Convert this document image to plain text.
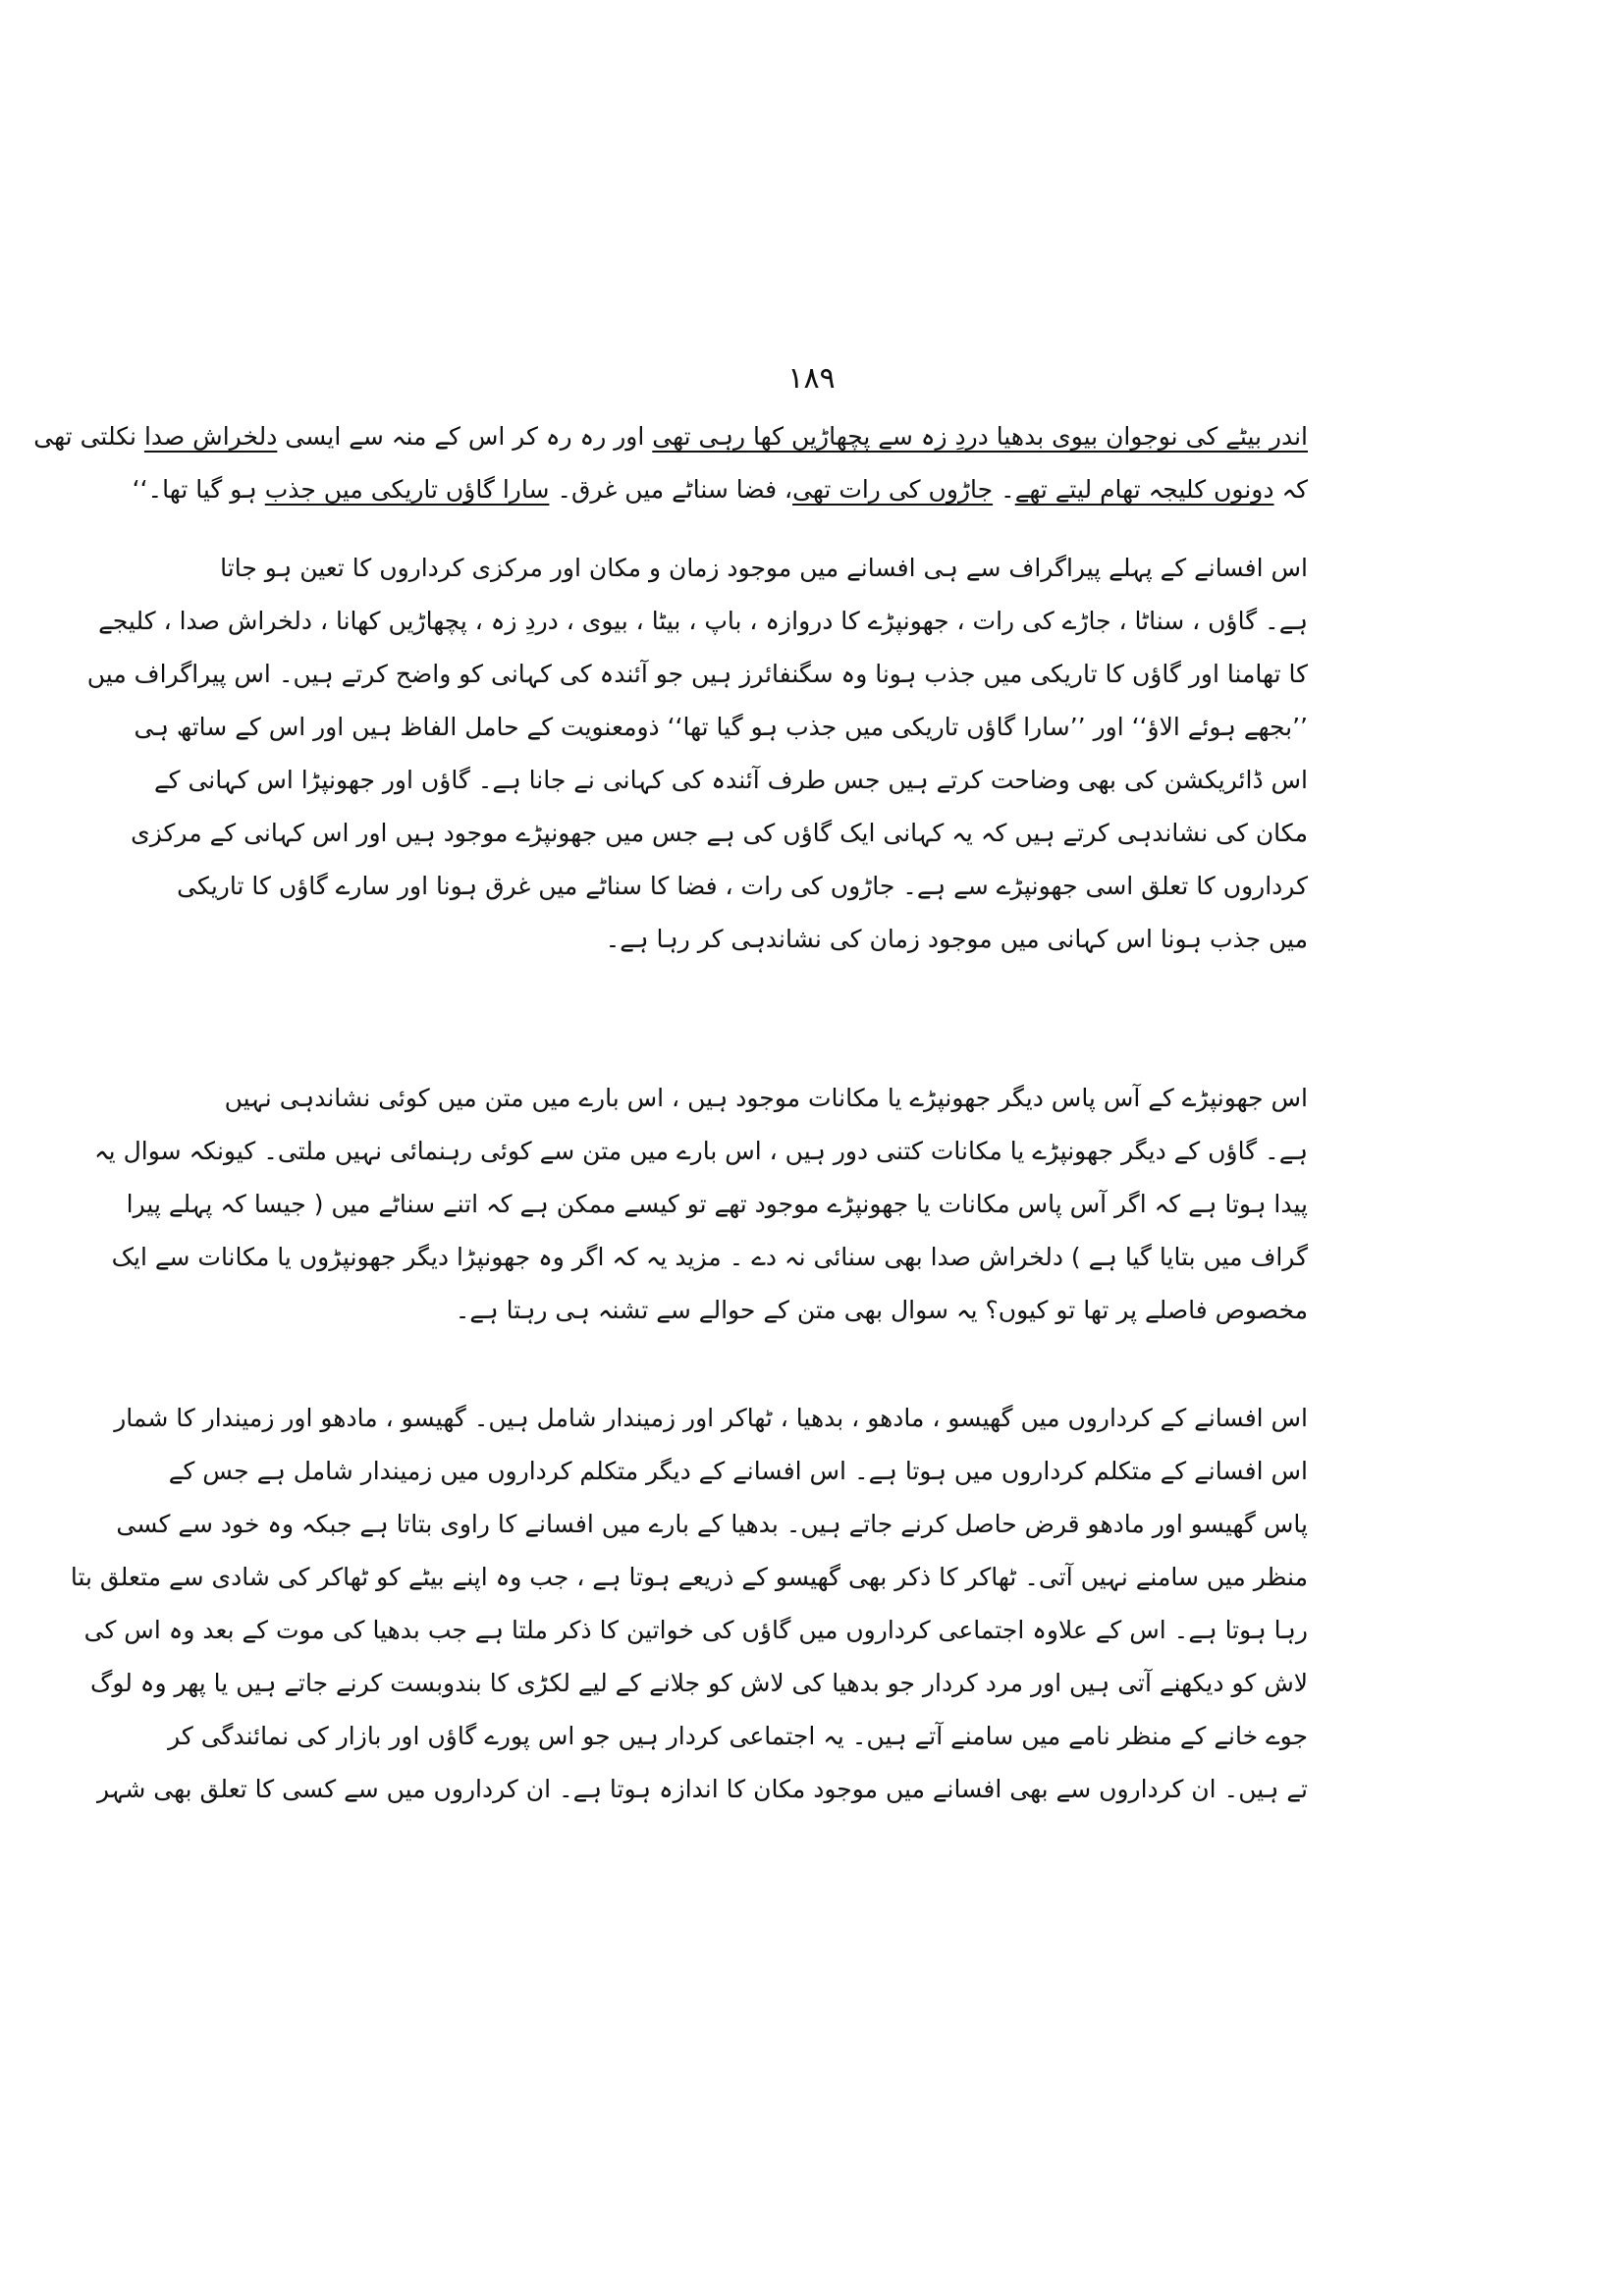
۱۸۹
اندر بیٹے کی نوجوان بیوی بدھیا دردِ زہ سے پچھاڑیں کھا رہی تھی اور رہ رہ کر اس کے منہ سے ایسی دلخراش صدا نکلتی تھی
کہ دونوں کلیجہ تھام لیتے تھے۔ جاڑوں کی رات تھی، فضا سناٹے میں غرق۔ سارا گاؤں تاریکی میں جذب ہو گیا تھا۔‘‘
اس افسانے کے پہلے پیراگراف سے ہی افسانے میں موجود زمان و مکان اور مرکزی کرداروں کا تعین ہو جاتا
ہے۔ گاؤں ، سناٹا ، جاڑے کی رات ، جھونپڑے کا دروازہ ، باپ ، بیٹا ، بیوی ، دردِ زہ ، پچھاڑیں کھانا ، دلخراش صدا ، کلیجے
کا تھامنا اور گاؤں کا تاریکی میں جذب ہونا وہ سگنفائرز ہیں جو آئندہ کی کہانی کو واضح کرتے ہیں۔ اس پیراگراف میں
’’بجھے ہوئے الاؤ‘‘ اور ’’سارا گاؤں تاریکی میں جذب ہو گیا تھا‘‘ ذومعنویت کے حامل الفاظ ہیں اور اس کے ساتھ ہی
اس ڈائریکشن کی بھی وضاحت کرتے ہیں جس طرف آئندہ کی کہانی نے جانا ہے۔ گاؤں اور جھونپڑا اس کہانی کے
مکان کی نشاندہی کرتے ہیں کہ یہ کہانی ایک گاؤں کی ہے جس میں جھونپڑے موجود ہیں اور اس کہانی کے مرکزی
کرداروں کا تعلق اسی جھونپڑے سے ہے۔ جاڑوں کی رات ، فضا کا سناٹے میں غرق ہونا اور سارے گاؤں کا تاریکی
میں جذب ہونا اس کہانی میں موجود زمان کی نشاندہی کر رہا ہے۔
اس جھونپڑے کے آس پاس دیگر جھونپڑے یا مکانات موجود ہیں ، اس بارے میں متن میں کوئی نشاندہی نہیں
ہے۔ گاؤں کے دیگر جھونپڑے یا مکانات کتنی دور ہیں ، اس بارے میں متن سے کوئی رہنمائی نہیں ملتی۔ کیونکہ سوال یہ
پیدا ہوتا ہے کہ اگر آس پاس مکانات یا جھونپڑے موجود تھے تو کیسے ممکن ہے کہ اتنے سناٹے میں ( جیسا کہ پہلے پیرا
گراف میں بتایا گیا ہے ) دلخراش صدا بھی سنائی نہ دے ۔ مزید یہ کہ اگر وہ جھونپڑا دیگر جھونپڑوں یا مکانات سے ایک
مخصوص فاصلے پر تھا تو کیوں؟ یہ سوال بھی متن کے حوالے سے تشنہ ہی رہتا ہے۔
اس افسانے کے کرداروں میں گھیسو ، مادھو ، بدھیا ، ٹھاکر اور زمیندار شامل ہیں۔ گھیسو ، مادھو اور زمیندار کا شمار
اس افسانے کے متکلم کرداروں میں ہوتا ہے۔ اس افسانے کے دیگر متکلم کرداروں میں زمیندار شامل ہے جس کے
پاس گھیسو اور مادھو قرض حاصل کرنے جاتے ہیں۔ بدھیا کے بارے میں افسانے کا راوی بتاتا ہے جبکہ وہ خود سے کسی
منظر میں سامنے نہیں آتی۔ ٹھاکر کا ذکر بھی گھیسو کے ذریعے ہوتا ہے ، جب وہ اپنے بیٹے کو ٹھاکر کی شادی سے متعلق بتا
رہا ہوتا ہے۔ اس کے علاوہ اجتماعی کرداروں میں گاؤں کی خواتین کا ذکر ملتا ہے جب بدھیا کی موت کے بعد وہ اس کی
لاش کو دیکھنے آتی ہیں اور مرد کردار جو بدھیا کی لاش کو جلانے کے لیے لکڑی کا بندوبست کرنے جاتے ہیں یا پھر وہ لوگ
جوے خانے کے منظر نامے میں سامنے آتے ہیں۔ یہ اجتماعی کردار ہیں جو اس پورے گاؤں اور بازار کی نمائندگی کر
تے ہیں۔ ان کرداروں سے بھی افسانے میں موجود مکان کا اندازہ ہوتا ہے۔ ان کرداروں میں سے کسی کا تعلق بھی شہر
